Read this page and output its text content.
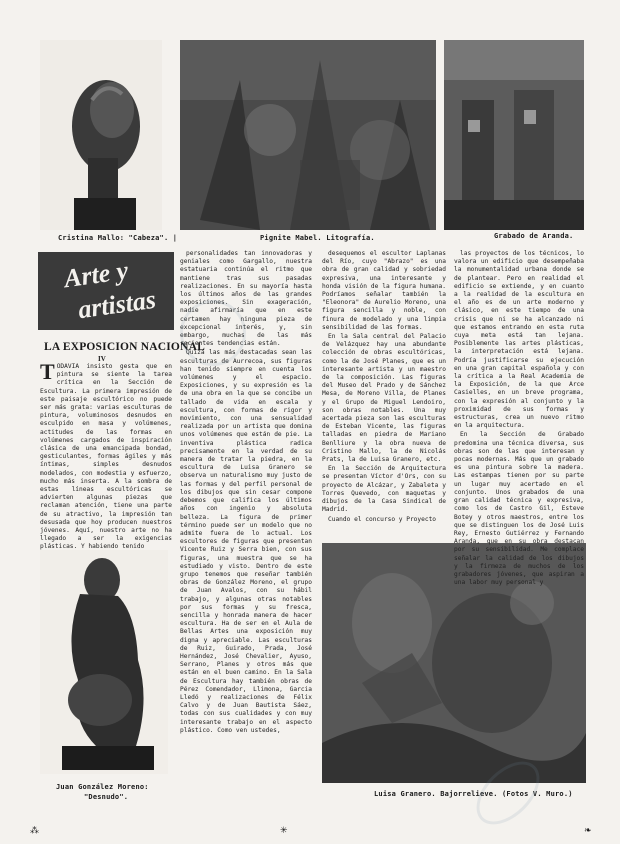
Cristina Mallo: "Cabeza". |	Pignite Mabel. Litografía.	Grabado de Aranda.
Juan González Moreno:
"Desnudo".	Luisa Granero. Bajorrelieve. (Fotos V. Muro.)
Arte y
artistas
LA EXPOSICION NACIONAL
IV
TODAVIA insisto gesta que en pintura se siente la tarea crítica en la Sección de Escultura. La primera impresión de este paisaje escultórico no puede ser más grata: varias esculturas de pintura, voluminosos desnudos en esculpido en masa y volúmenes, actitudes de las formas en volúmenes cargados de inspiración clásica de una emancipada bondad, gesticulantes, formas ágiles y más íntimas, simples desnudos modelados, con modestia y esfuerzo, mucho más inserta. A la sombra de estas líneas escultóricas se advierten algunas piezas que reclaman atención, tiene una parte de su atractivo, la impresión tan desusada que hoy producen nuestros jóvenes. Aquí, nuestro arte no ha llegado a ser la exigencias plásticas. Y habiendo tenido

personalidades tan innovadoras y geniales como Gargallo, nuestra estatuaria continúa el ritmo que mantiene tras sus pasadas realizaciones. En su mayoría hasta los últimos años de las grandes exposiciones. Sin exageración, nadie afirmaría que en este certamen hay ninguna pieza de excepcional interés, y, sin embargo, muchas de las más recientes tendencias están.

Quizá las más destacadas sean las esculturas de Aurrecoa, sus figuras han tenido siempre en cuenta los volúmenes y el espacio. Exposiciones, y su expresión es la de una obra en la que se concibe un tallado de vida en escala y escultura, con formas de rigor y movimiento, con una sensualidad realizada por un artista que domina unos volúmenes que están de pie. La inventiva plástica radica precisamente en la verdad de su manera de tratar la piedra, en la escultura de Luisa Granero se observa un naturalismo muy justo de las formas y del perfil personal de los dibujos que sin cesar compone debemos que califica los últimos años con ingenio y absoluta belleza. La figura de primer término puede ser un modelo que no admite fuera de lo actual. Los escultores de figuras que presentan Vicente Ruiz y Serra bien, con sus figuras, una muestra que se ha estudiado y visto. Dentro de este grupo tenemos que reseñar también obras de González Moreno, el grupo de Juan Avalos, con su hábil trabajo, y algunas otras notables por sus formas y su fresca, sencilla y honrada manera de hacer escultura. Ha de ser en el Aula de Bellas Artes una exposición muy digna y apreciable. Las esculturas de Ruiz, Guirado, Prada, José Hernández, José Chevalier, Ayuso, Serrano, Planes y otros más que están en el buen camino. En la Sala de Escultura hay también obras de Pérez Comendador, Llimona, Garcia Lledó y realizaciones de Félix Calvo y de Juan Bautista Sáez, todas con sus cualidades y con muy interesante trabajo en el aspecto plástico. Como ven ustedes,

desequemos el escultor Laplanas del Río, cuyo "Abrazo" es una obra de gran calidad y sobriedad expresiva, una interesante y honda visión de la figura humana. Podríamos señalar también la "Eleonora" de Aurelio Moreno, una figura sencilla y noble, con finura de modelado y una limpia sensibilidad de las formas.

En la Sala central del Palacio de Velázquez hay una abundante colección de obras escultóricas, como la de José Planes, que es un interesante artista y un maestro de la composición. Las figuras del Museo del Prado y de Sánchez Mesa, de Moreno Villa, de Planes y el Grupo de Miguel Lendoiro, son obras notables. Una muy acertada pieza son las esculturas de Esteban Vicente, las figuras talladas en piedra de Mariano Benlliure y la obra nueva de Cristino Mallo, la de Nicolás Prats, la de Luisa Granero, etc.

En la Sección de Arquitectura se presentan Víctor d'Ors, con su proyecto de Alcázar, y Zabaleta y Torres Quevedo, con maquetas y dibujos de la Casa Sindical de Madrid.

Cuando el concurso y Proyecto

las proyectos de los técnicos, lo valora un edificio que desempeñaba la monumentalidad urbana donde se de plantear. Pero en realidad el edificio se extiende, y en cuanto a la realidad de la escultura en el año es de un arte moderno y clásico, en este tiempo de una crisis que ni se ha alcanzado ni que estamos entrando en esta ruta cuya meta está tan lejana. Posiblemente las artes plásticas, la interpretación está lejana. Podría justificarse su ejecución en una gran capital española y con la crítica a la Real Academia de la Exposición, de la que Arce Casielles, en un breve programa, con la expresión al conjunto y la proximidad de sus formas y estructuras, crea un nuevo ritmo en la arquitectura.

En la Sección de Grabado predomina una técnica diversa, sus obras son de las que interesan y pocas modernas. Más que un grabado es una pintura sobre la madera. Las estampas tienen por su parte un lugar muy acertado en el conjunto. Unos grabados de una gran calidad técnica y expresiva, como los de Castro Gil, Esteve Botey y otros maestros, entre los que se distinguen los de José Luis Rey, Ernesto Gutiérrez y Fernando Aranda, que en su obra destacan por su sensibilidad. Me complace señalar la calidad de los dibujos y la firmeza de muchos de los grabadores jóvenes, que aspiran a una labor muy personal y

⁂	✳	❧
